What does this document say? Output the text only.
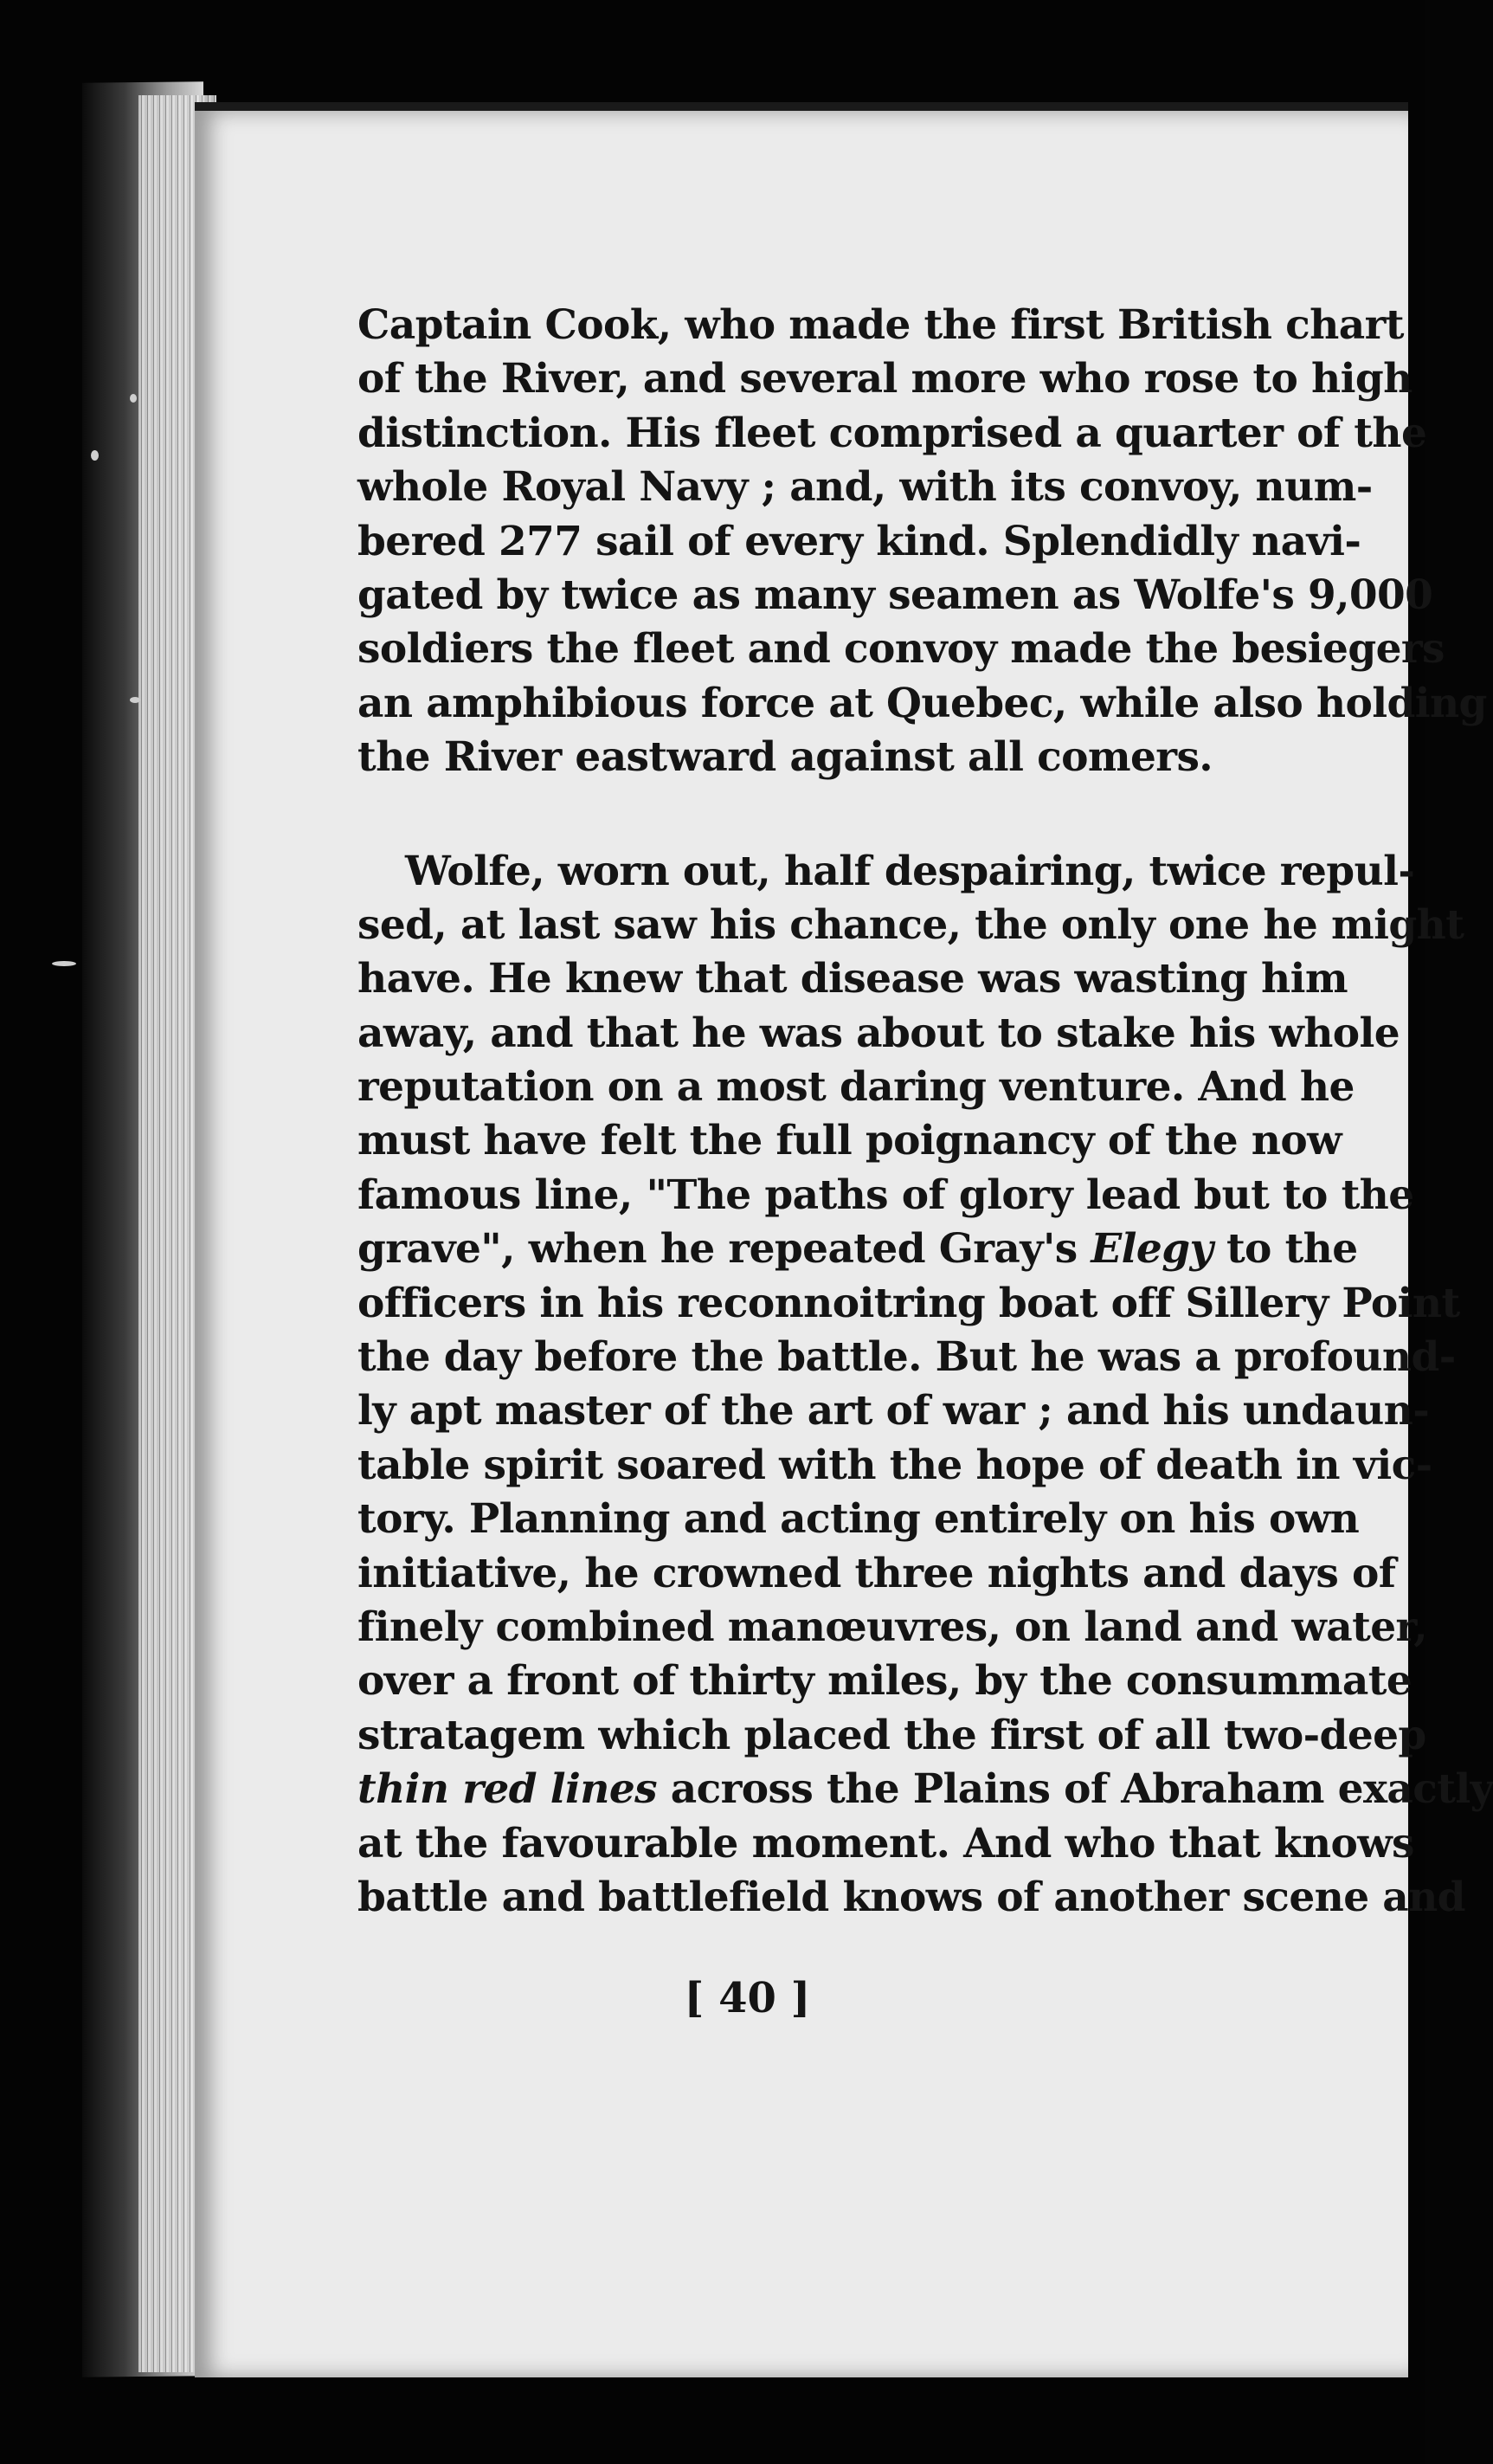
Captain Cook, who made the first British chart
of the River, and several more who rose to high
distinction. His fleet comprised a quarter of the
whole Royal Navy ; and, with its convoy, num-
bered 277 sail of every kind. Splendidly navi-
gated by twice as many seamen as Wolfe's 9,000
soldiers the fleet and convoy made the besiegers
an amphibious force at Quebec, while also holding
the River eastward against all comers.
Wolfe, worn out, half despairing, twice repul-
sed, at last saw his chance, the only one he might
have. He knew that disease was wasting him
away, and that he was about to stake his whole
reputation on a most daring venture. And he
must have felt the full poignancy of the now
famous line, "The paths of glory lead but to the
grave", when he repeated Gray's Elegy to the
officers in his reconnoitring boat off Sillery Point
the day before the battle. But he was a profound-
ly apt master of the art of war ; and his undaun-
table spirit soared with the hope of death in vic-
tory. Planning and acting entirely on his own
initiative, he crowned three nights and days of
finely combined manœuvres, on land and water,
over a front of thirty miles, by the consummate
stratagem which placed the first of all two-deep
thin red lines across the Plains of Abraham exactly
at the favourable moment. And who that knows
battle and battlefield knows of another scene and
[ 40 ]
